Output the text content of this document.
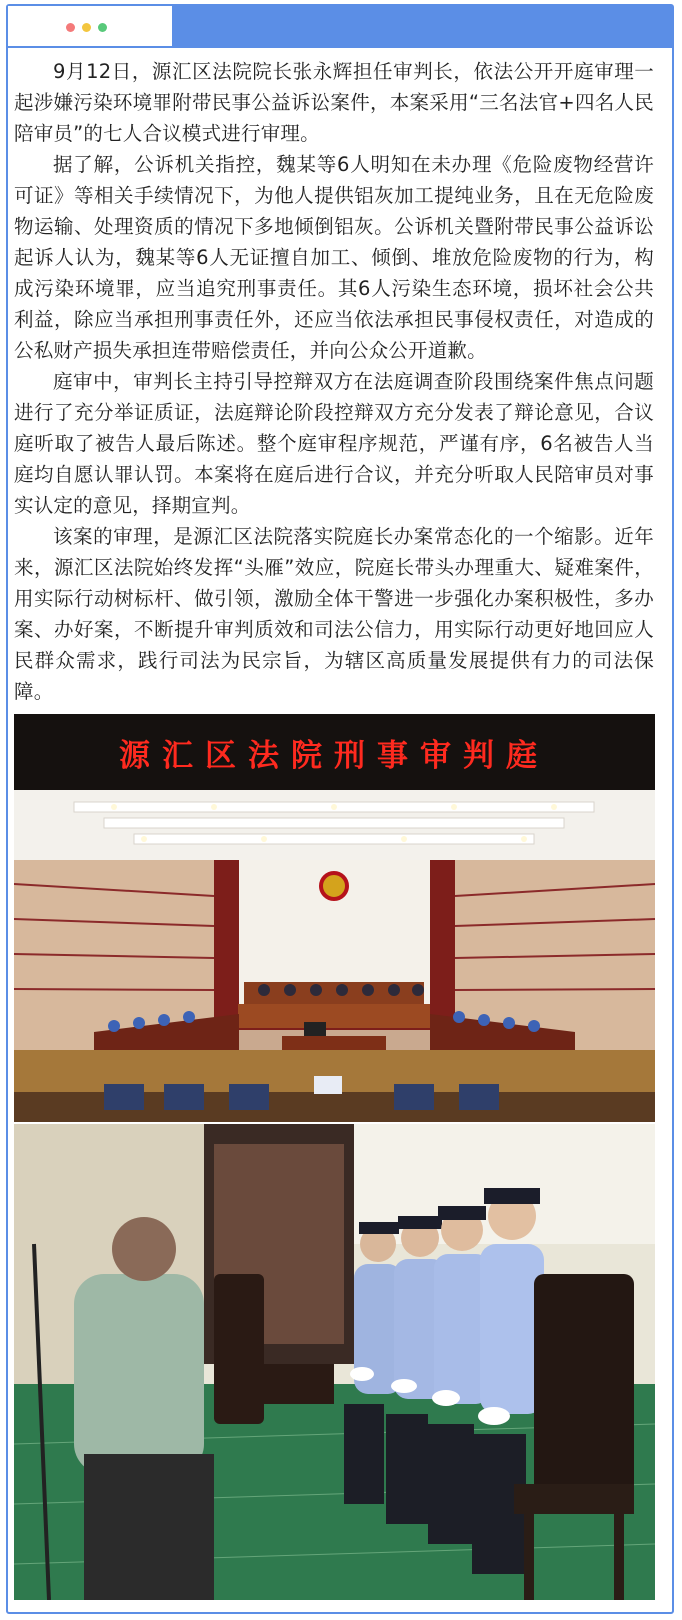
9月12日，源汇区法院院长张永辉担任审判长，依法公开开庭审理一起涉嫌污染环境罪附带民事公益诉讼案件，本案采用“三名法官+四名人民陪审员”的七人合议模式进行审理。

据了解，公诉机关指控，魏某等6人明知在未办理《危险废物经营许可证》等相关手续情况下，为他人提供铝灰加工提纯业务，且在无危险废物运输、处理资质的情况下多地倾倒铝灰。公诉机关暨附带民事公益诉讼起诉人认为，魏某等6人无证擅自加工、倾倒、堆放危险废物的行为，构成污染环境罪，应当追究刑事责任。其6人污染生态环境，损坏社会公共利益，除应当承担刑事责任外，还应当依法承担民事侵权责任，对造成的公私财产损失承担连带赔偿责任，并向公众公开道歉。

庭审中，审判长主持引导控辩双方在法庭调查阶段围绕案件焦点问题进行了充分举证质证，法庭辩论阶段控辩双方充分发表了辩论意见，合议庭听取了被告人最后陈述。整个庭审程序规范，严谨有序，6名被告人当庭均自愿认罪认罚。本案将在庭后进行合议，并充分听取人民陪审员对事实认定的意见，择期宣判。

该案的审理，是源汇区法院落实院庭长办案常态化的一个缩影。近年来，源汇区法院始终发挥“头雁”效应，院庭长带头办理重大、疑难案件，用实际行动树标杆、做引领，激励全体干警进一步强化办案积极性，多办案、办好案，不断提升审判质效和司法公信力，用实际行动更好地回应人民群众需求，践行司法为民宗旨，为辖区高质量发展提供有力的司法保障。

源汇区法院刑事审判庭
